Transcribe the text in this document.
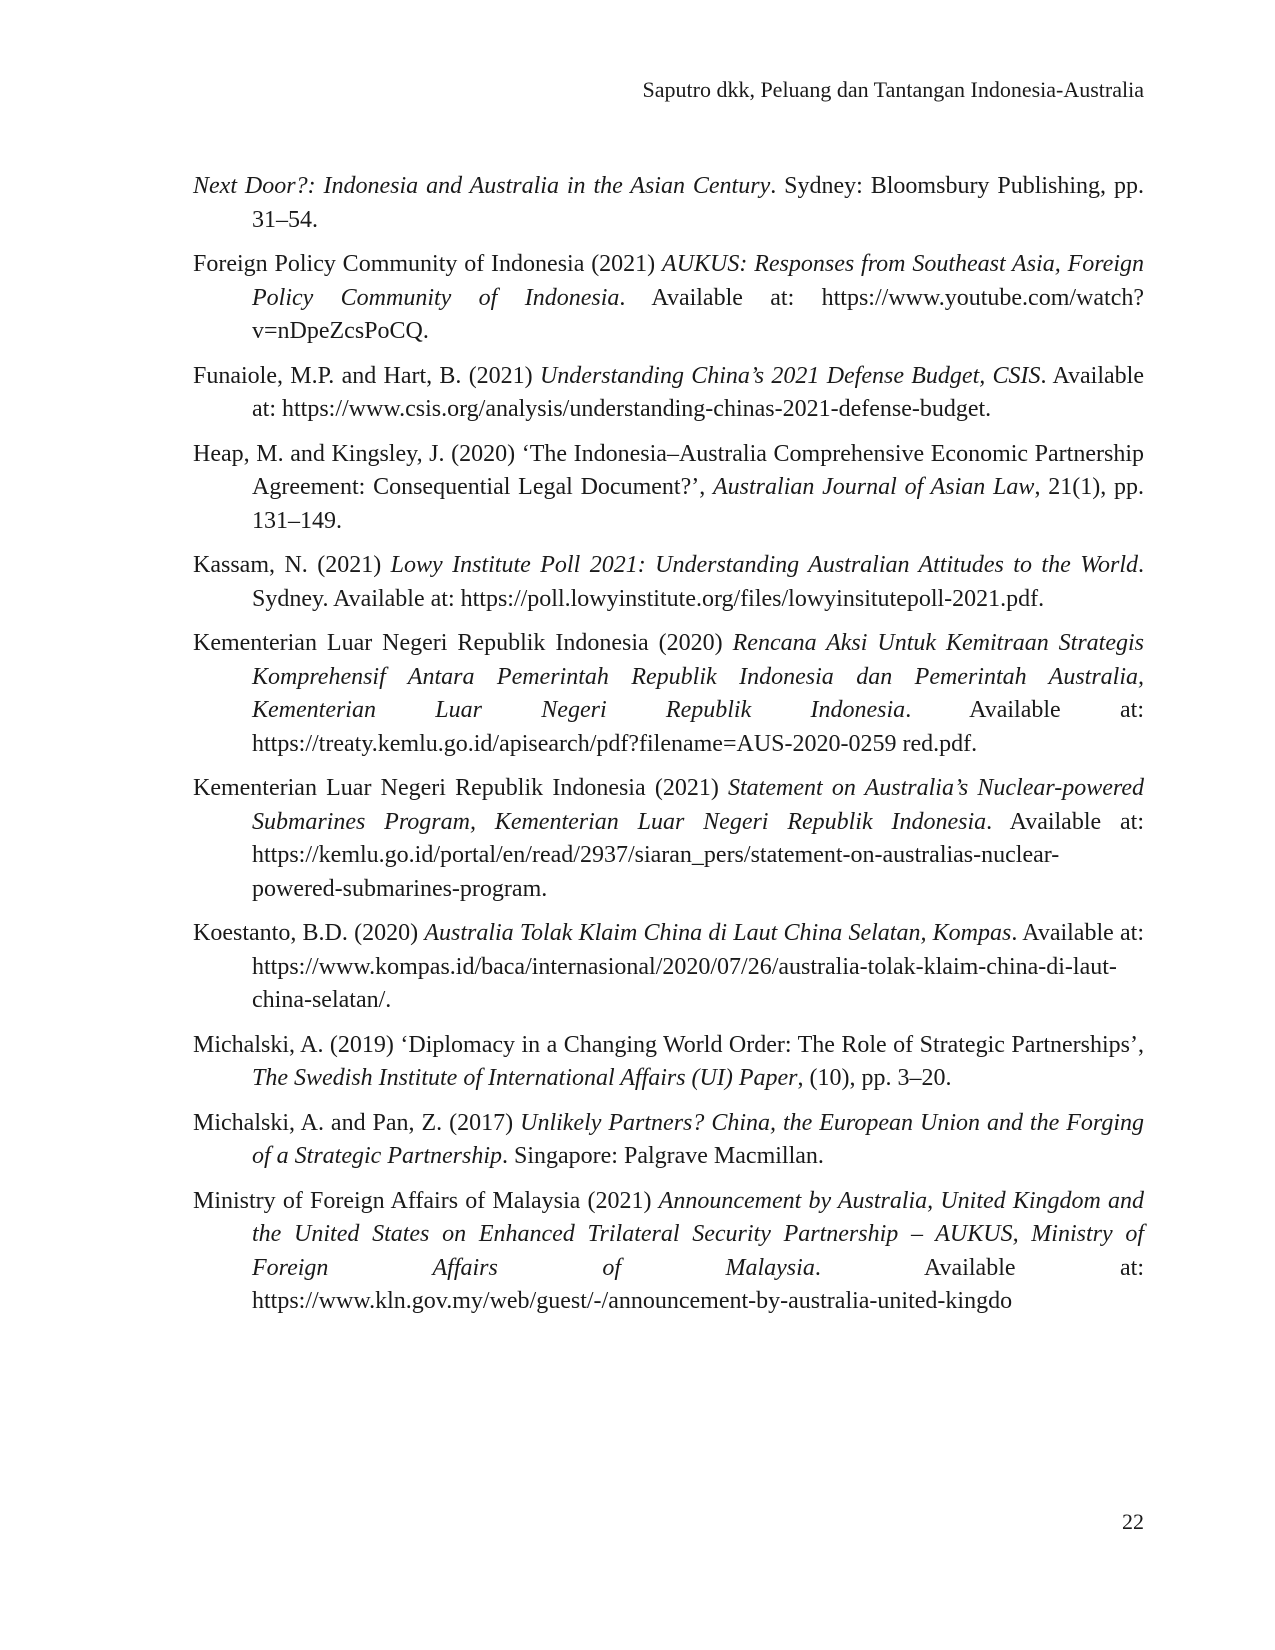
Saputro dkk, Peluang dan Tantangan Indonesia-Australia

Next Door?: Indonesia and Australia in the Asian Century. Sydney: Bloomsbury Publishing, pp. 31–54.

Foreign Policy Community of Indonesia (2021) AUKUS: Responses from Southeast Asia, Foreign Policy Community of Indonesia. Available at: https://www.youtube.com/watch?v=nDpeZcsPoCQ.

Funaiole, M.P. and Hart, B. (2021) Understanding China’s 2021 Defense Budget, CSIS. Available at: https://www.csis.org/analysis/understanding-chinas-2021-defense-budget.

Heap, M. and Kingsley, J. (2020) ‘The Indonesia–Australia Comprehensive Economic Partnership Agreement: Consequential Legal Document?’, Australian Journal of Asian Law, 21(1), pp. 131–149.

Kassam, N. (2021) Lowy Institute Poll 2021: Understanding Australian Attitudes to the World. Sydney. Available at: https://poll.lowyinstitute.org/files/lowyinsitutepoll-2021.pdf.

Kementerian Luar Negeri Republik Indonesia (2020) Rencana Aksi Untuk Kemitraan Strategis Komprehensif Antara Pemerintah Republik Indonesia dan Pemerintah Australia, Kementerian Luar Negeri Republik Indonesia. Available at: https://treaty.kemlu.go.id/apisearch/pdf?filename=AUS-2020-0259 red.pdf.

Kementerian Luar Negeri Republik Indonesia (2021) Statement on Australia’s Nuclear-powered Submarines Program, Kementerian Luar Negeri Republik Indonesia. Available at: https://kemlu.go.id/portal/en/read/2937/siaran_pers/statement-on-australias-nuclear-powered-submarines-program.

Koestanto, B.D. (2020) Australia Tolak Klaim China di Laut China Selatan, Kompas. Available at: https://www.kompas.id/baca/internasional/2020/07/26/australia-tolak-klaim-china-di-laut-china-selatan/.

Michalski, A. (2019) ‘Diplomacy in a Changing World Order: The Role of Strategic Partnerships’, The Swedish Institute of International Affairs (UI) Paper, (10), pp. 3–20.

Michalski, A. and Pan, Z. (2017) Unlikely Partners? China, the European Union and the Forging of a Strategic Partnership. Singapore: Palgrave Macmillan.

Ministry of Foreign Affairs of Malaysia (2021) Announcement by Australia, United Kingdom and the United States on Enhanced Trilateral Security Partnership – AUKUS, Ministry of Foreign Affairs of Malaysia. Available at: https://www.kln.gov.my/web/guest/-/announcement-by-australia-united-kingdo

22
